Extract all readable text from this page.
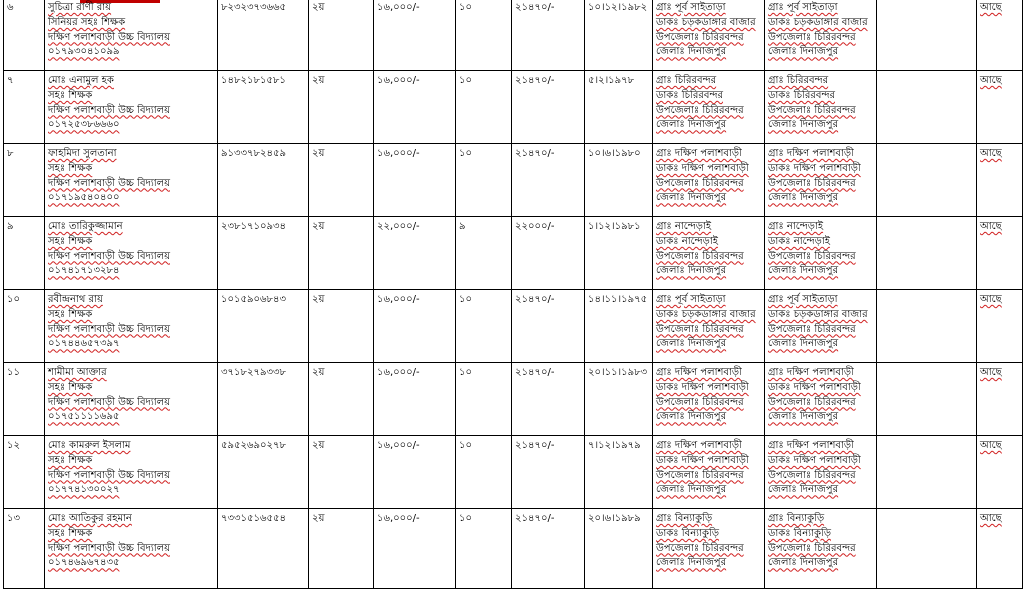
৬	সুচিত্রা রাণী রায়
সিনিয়র সহঃ শিক্ষক
দক্ষিণ পলাশবাড়ী উচ্চ বিদ্যালয়
০১৭৯৩০৪১০৯৯	৮২৩২৩৭৩৬৬৫	২য়	১৬,০০০/-	১০	২১৪৭০/-	১০।১২।১৯৮২	গ্রাঃ পূর্ব সাইতাড়া
ডাকঃ চড়কডাঙ্গার বাজার
উপজেলাঃ চিরিরবন্দর
জেলাঃ দিনাজপুর	গ্রাঃ পূর্ব সাইতাড়া
ডাকঃ চড়কডাঙ্গার বাজার
উপজেলাঃ চিরিরবন্দর
জেলাঃ দিনাজপুর		আছে

৭	মোঃ এনামুল হক
সহঃ শিক্ষক
দক্ষিণ পলাশবাড়ী উচ্চ বিদ্যালয়
০১৭২৫৩৮৬৬৬০	১৪৮২১৮১৫৮১	২য়	১৬,০০০/-	১০	২১৪৭০/-	৫।২।১৯৭৮	গ্রাঃ চিরিরবন্দর
ডাকঃ চিরিরবন্দর
উপজেলাঃ চিরিরবন্দর
জেলাঃ দিনাজপুর	গ্রাঃ চিরিরবন্দর
ডাকঃ চিরিরবন্দর
উপজেলাঃ চিরিরবন্দর
জেলাঃ দিনাজপুর		আছে

৮	ফাহমিদা সুলতানা
সহঃ শিক্ষক
দক্ষিণ পলাশবাড়ী উচ্চ বিদ্যালয়
০১৭১৯৫৪০৪০০	৯১৩৩৭৮২৪৫৯	২য়	১৬,০০০/-	১০	২১৪৭০/-	১০।৬।১৯৮০	গ্রাঃ দক্ষিণ পলাশবাড়ী
ডাকঃ দক্ষিণ পলাশবাড়ী
উপজেলাঃ চিরিরবন্দর
জেলাঃ দিনাজপুর	গ্রাঃ দক্ষিণ পলাশবাড়ী
ডাকঃ দক্ষিণ পলাশবাড়ী
উপজেলাঃ চিরিরবন্দর
জেলাঃ দিনাজপুর		আছে

৯	মোঃ তারিকুজ্জামান
সহঃ শিক্ষক
দক্ষিণ পলাশবাড়ী উচ্চ বিদ্যালয়
০১৭৪১৭১৩২৮৪	২৩৮১৭১০৯৩৪	২য়	২২,০০০/-	৯	২২০০০/-	১।১২।১৯৮১	গ্রাঃ নান্দেড়াই
ডাকঃ নান্দেড়াই
উপজেলাঃ চিরিরবন্দর
জেলাঃ দিনাজপুর	গ্রাঃ নান্দেড়াই
ডাকঃ নান্দেড়াই
উপজেলাঃ চিরিরবন্দর
জেলাঃ দিনাজপুর		আছে

১০	রবীন্দ্রনাথ রায়
সহঃ শিক্ষক
দক্ষিণ পলাশবাড়ী উচ্চ বিদ্যালয়
০১৭৪৪৬৫৭৩৯৭	১০১৫৯০৬৮৪৩	২য়	১৬,০০০/-	১০	২১৪৭০/-	১৪।১১।১৯৭৫	গ্রাঃ পূর্ব সাইতাড়া
ডাকঃ চড়কডাঙ্গার বাজার
উপজেলাঃ চিরিরবন্দর
জেলাঃ দিনাজপুর	গ্রাঃ পূর্ব সাইতাড়া
ডাকঃ চড়কডাঙ্গার বাজার
উপজেলাঃ চিরিরবন্দর
জেলাঃ দিনাজপুর		আছে

১১	শামীমা আক্তার
সহঃ শিক্ষক
দক্ষিণ পলাশবাড়ী উচ্চ বিদ্যালয়
০১৭৫১১১১৬৯৫	৩৭১৮২৭৯৩৩৮	২য়	১৬,০০০/-	১০	২১৪৭০/-	২০।১১।১৯৮৩	গ্রাঃ দক্ষিণ পলাশবাড়ী
ডাকঃ দক্ষিণ পলাশবাড়ী
উপজেলাঃ চিরিরবন্দর
জেলাঃ দিনাজপুর	গ্রাঃ দক্ষিণ পলাশবাড়ী
ডাকঃ দক্ষিণ পলাশবাড়ী
উপজেলাঃ চিরিরবন্দর
জেলাঃ দিনাজপুর		আছে

১২	মোঃ কামরুল ইসলাম
সহঃ শিক্ষক
দক্ষিণ পলাশবাড়ী উচ্চ বিদ্যালয়
০১৭৭৪১৩০০২৭	৫৯৫২৬৯০২৭৮	২য়	১৬,০০০/-	১০	২১৪৭০/-	৭।১২।১৯৭৯	গ্রাঃ দক্ষিণ পলাশবাড়ী
ডাকঃ দক্ষিণ পলাশবাড়ী
উপজেলাঃ চিরিরবন্দর
জেলাঃ দিনাজপুর	গ্রাঃ দক্ষিণ পলাশবাড়ী
ডাকঃ দক্ষিণ পলাশবাড়ী
উপজেলাঃ চিরিরবন্দর
জেলাঃ দিনাজপুর		আছে

১৩	মোঃ আতিকুর রহমান
সহঃ শিক্ষক
দক্ষিণ পলাশবাড়ী উচ্চ বিদ্যালয়
০১৭৪৬৯৬৭৪৩৫	৭৩৩১৫১৬৫৫৪	২য়	১৬,০০০/-	১০	২১৪৭০/-	২০।৬।১৯৮৯	গ্রাঃ বিন্যাকুড়ি
ডাকঃ বিন্যাকুড়ি
উপজেলাঃ চিরিরবন্দর
জেলাঃ দিনাজপুর	গ্রাঃ বিন্যাকুড়ি
ডাকঃ বিন্যাকুড়ি
উপজেলাঃ চিরিরবন্দর
জেলাঃ দিনাজপুর		আছে
